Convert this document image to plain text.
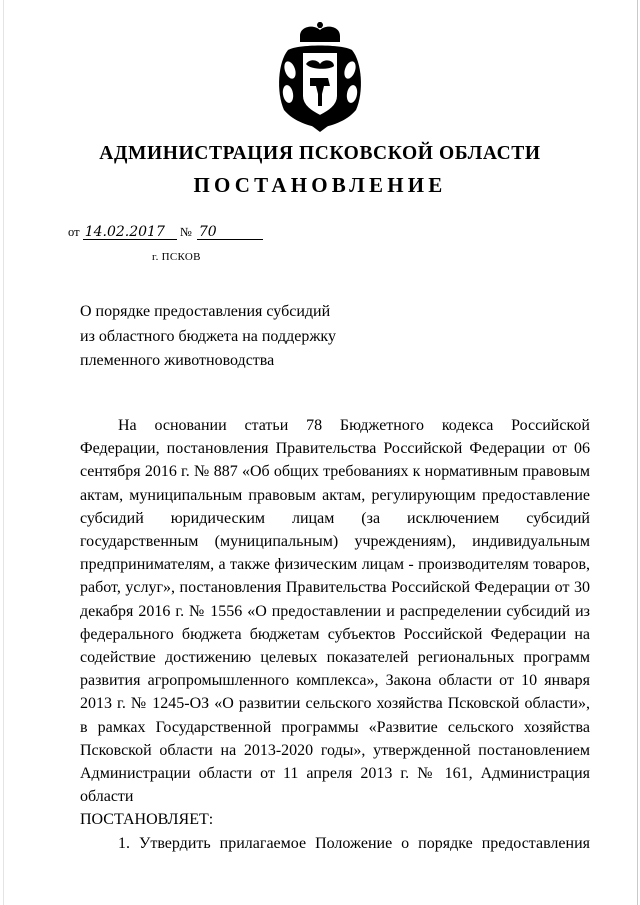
АДМИНИСТРАЦИЯ ПСКОВСКОЙ ОБЛАСТИ
ПОСТАНОВЛЕНИЕ
от 14.02.2017 № 70
г. ПСКОВ
О порядке предоставления субсидий
из областного бюджета на поддержку
племенного животноводства
На основании статьи 78 Бюджетного кодекса Российской Федерации, постановления Правительства Российской Федерации от 06 сентября 2016 г. № 887 «Об общих требованиях к нормативным правовым актам, муниципальным правовым актам, регулирующим предоставление субсидий юридическим лицам (за исключением субсидий государственным (муниципальным) учреждениям), индивидуальным предпринимателям, а также физическим лицам - производителям товаров, работ, услуг», постановления Правительства Российской Федерации от 30 декабря 2016 г. № 1556 «О предоставлении и распределении субсидий из федерального бюджета бюджетам субъектов Российской Федерации на содействие достижению целевых показателей региональных программ развития агропромышленного комплекса», Закона области от 10 января 2013 г. № 1245-ОЗ «О развитии сельского хозяйства Псковской области», в рамках Государственной программы «Развитие сельского хозяйства Псковской области на 2013-2020 годы», утвержденной постановлением Администрации области от 11 апреля 2013 г. № 161, Администрация области
ПОСТАНОВЛЯЕТ:
1. Утвердить прилагаемое Положение о порядке предоставления
